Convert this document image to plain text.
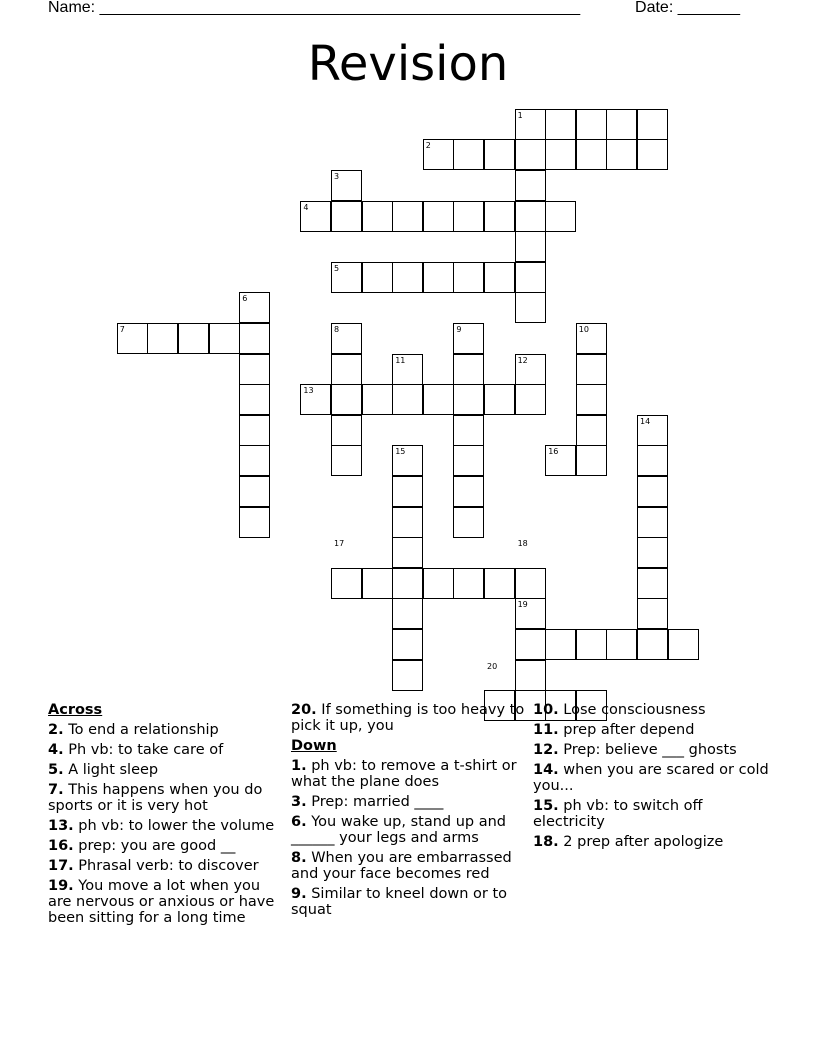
Name: ______________________________________________________	Date: _______
Revision
1
2
3
4
5
6
7	8	9	10
11	12
13
14
15	16
17	18
19
20
Across
2. To end a relationship
4. Ph vb: to take care of
5. A light sleep
7. This happens when you do sports or it is very hot
13. ph vb: to lower the volume
16. prep: you are good __
17. Phrasal verb: to discover
19. You move a lot when you are nervous or anxious or have been sitting for a long time
20. If something is too heavy to pick it up, you
Down
1. ph vb: to remove a t-shirt or what the plane does
3. Prep: married ____
6. You wake up, stand up and ______ your legs and arms
8. When you are embarrassed and your face becomes red
9. Similar to kneel down or to squat
10. Lose consciousness
11. prep after depend
12. Prep: believe ___ ghosts
14. when you are scared or cold you...
15. ph vb: to switch off electricity
18. 2 prep after apologize
